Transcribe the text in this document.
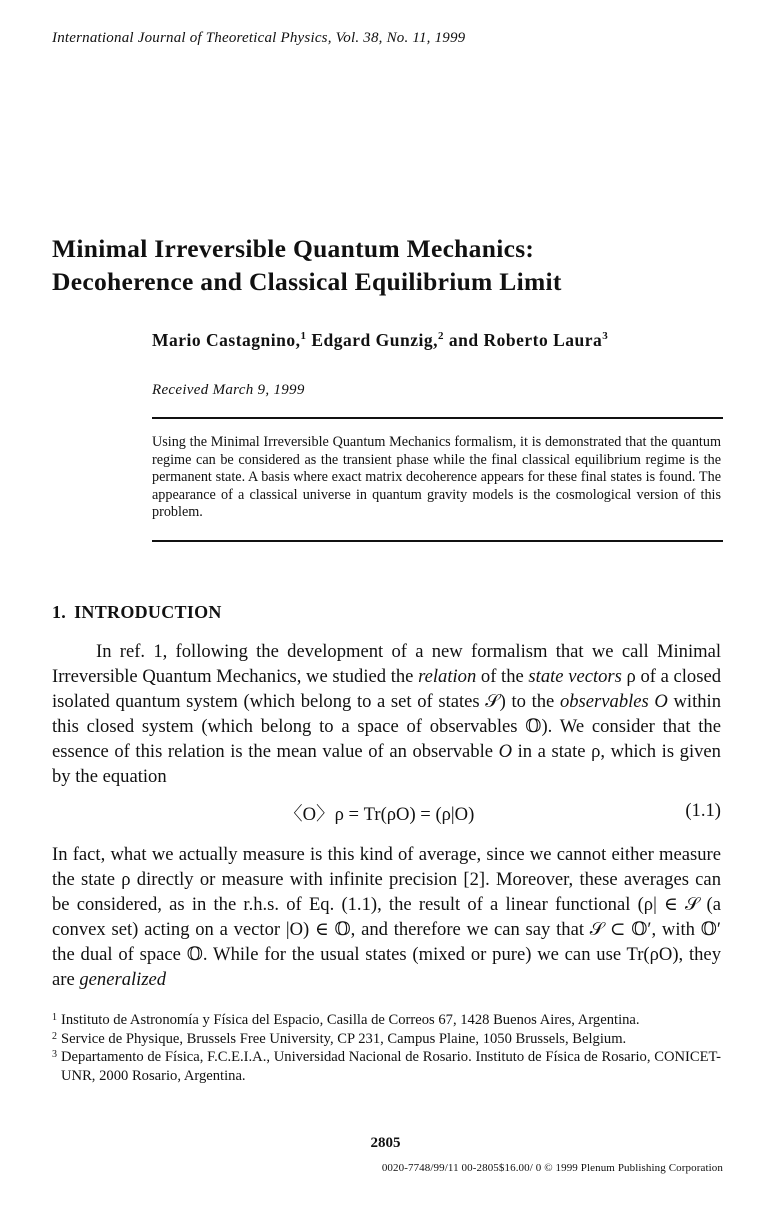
International Journal of Theoretical Physics, Vol. 38, No. 11, 1999
Minimal Irreversible Quantum Mechanics:
Decoherence and Classical Equilibrium Limit
Mario Castagnino,$^1$ Edgard Gunzig,$^2$ and Roberto Laura$^3$
Received March 9, 1999
Using the Minimal Irreversible Quantum Mechanics formalism, it is demonstrated that the quantum regime can be considered as the transient phase while the final classical equilibrium regime is the permanent state. A basis where exact matrix decoherence appears for these final states is found. The appearance of a classical universe in quantum gravity models is the cosmological version of this problem.
1. INTRODUCTION
In ref. 1, following the development of a new formalism that we call Minimal Irreversible Quantum Mechanics, we studied the relation of the state vectors ρ of a closed isolated quantum system (which belong to a set of states 𝒮) to the observables O within this closed system (which belong to a space of observables 𝕆). We consider that the essence of this relation is the mean value of an observable O in a state ρ, which is given by the equation
〈O〉ρ = Tr(ρO) = (ρ|O)	(1.1)
In fact, what we actually measure is this kind of average, since we cannot either measure the state ρ directly or measure with infinite precision [2]. Moreover, these averages can be considered, as in the r.h.s. of Eq. (1.1), the result of a linear functional (ρ| ∈ 𝒮 (a convex set) acting on a vector |O) ∈ 𝕆, and therefore we can say that 𝒮 ⊂ 𝕆′, with 𝕆′ the dual of space 𝕆. While for the usual states (mixed or pure) we can use Tr(ρO), they are generalized
1 Instituto de Astronomía y Física del Espacio, Casilla de Correos 67, 1428 Buenos Aires, Argentina.
2 Service de Physique, Brussels Free University, CP 231, Campus Plaine, 1050 Brussels, Belgium.
3 Departamento de Física, F.C.E.I.A., Universidad Nacional de Rosario. Instituto de Física de Rosario, CONICET-UNR, 2000 Rosario, Argentina.
2805
0020-7748/99/11 00-2805$16.00/ 0 © 1999 Plenum Publishing Corporation
